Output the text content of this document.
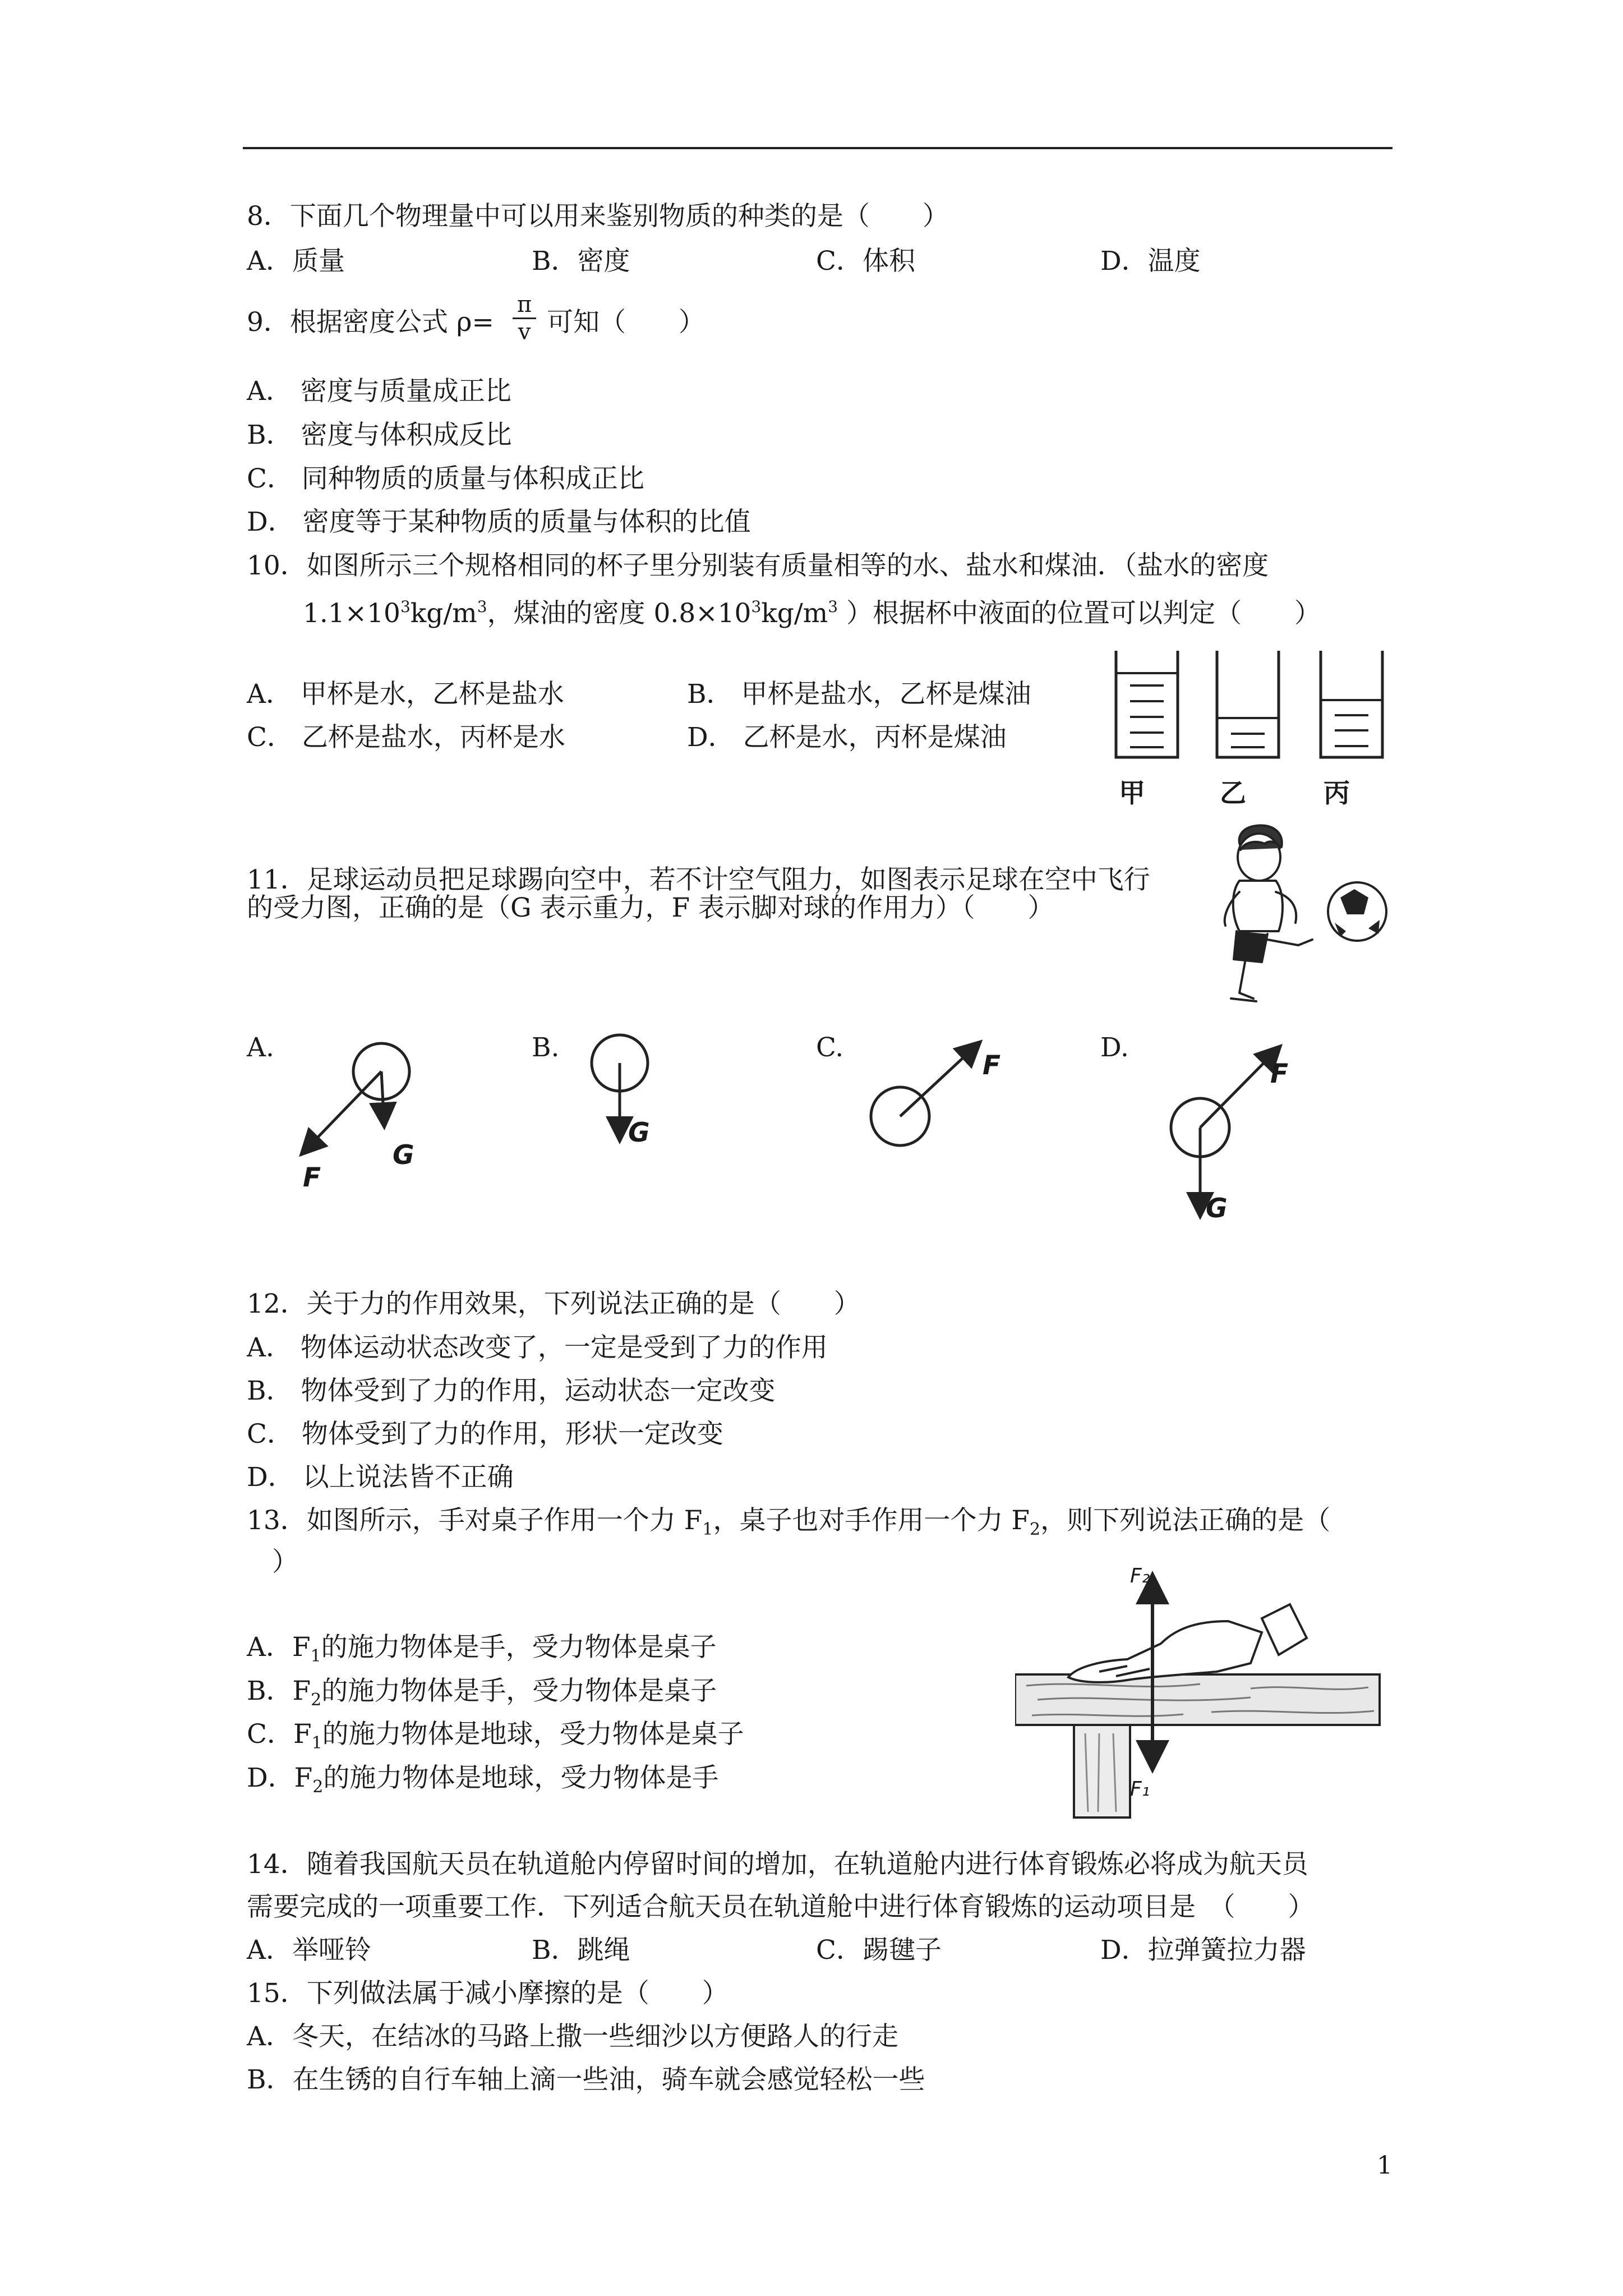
8．下面几个物理量中可以用来鉴别物质的种类的是（　　）
A．质量	B．密度	C．体积	D．温度
9．根据密度公式 ρ=
π
v 可知（　　）
A． 密度与质量成正比
B． 密度与体积成反比
C． 同种物质的质量与体积成正比
D． 密度等于某种物质的质量与体积的比值
10．如图所示三个规格相同的杯子里分别装有质量相等的水、盐水和煤油．（盐水的密度
$1.1\times 10^3kg/m^3$，煤油的密度 $0.8\times 10^3kg/m^3$ ）根据杯中液面的位置可以判定（　　）
A． 甲杯是水，乙杯是盐水	B． 甲杯是盐水，乙杯是煤油
C． 乙杯是盐水，丙杯是水	D． 乙杯是水，丙杯是煤油
甲	乙	丙
11．足球运动员把足球踢向空中，若不计空气阻力，如图表示足球在空中飞行
的受力图，正确的是（G 表示重力，F 表示脚对球的作用力）（　　）
A.	B.	C.	D.
F
G
G
F	F
G
12．关于力的作用效果，下列说法正确的是（　　）
A． 物体运动状态改变了，一定是受到了力的作用
B． 物体受到了力的作用，运动状态一定改变
C． 物体受到了力的作用，形状一定改变
D． 以上说法皆不正确
13．如图所示，手对桌子作用一个力 $F_1$，桌子也对手作用一个力 $F_2$，则下列说法正确的是（
）
A．$F_1$的施力物体是手，受力物体是桌子
B．$F_2$的施力物体是手，受力物体是桌子
C．$F_1$的施力物体是地球，受力物体是桌子
D．$F_2$的施力物体是地球，受力物体是手
F₂
F₁
14．随着我国航天员在轨道舱内停留时间的增加，在轨道舱内进行体育锻炼必将成为航天员
需要完成的一项重要工作．下列适合航天员在轨道舱中进行体育锻炼的运动项目是　（　　）
A．举哑铃	B．跳绳	C．踢毽子	D．拉弹簧拉力器
15．下列做法属于减小摩擦的是（　　）
A．冬天，在结冰的马路上撒一些细沙以方便路人的行走
B．在生锈的自行车轴上滴一些油，骑车就会感觉轻松一些
1
